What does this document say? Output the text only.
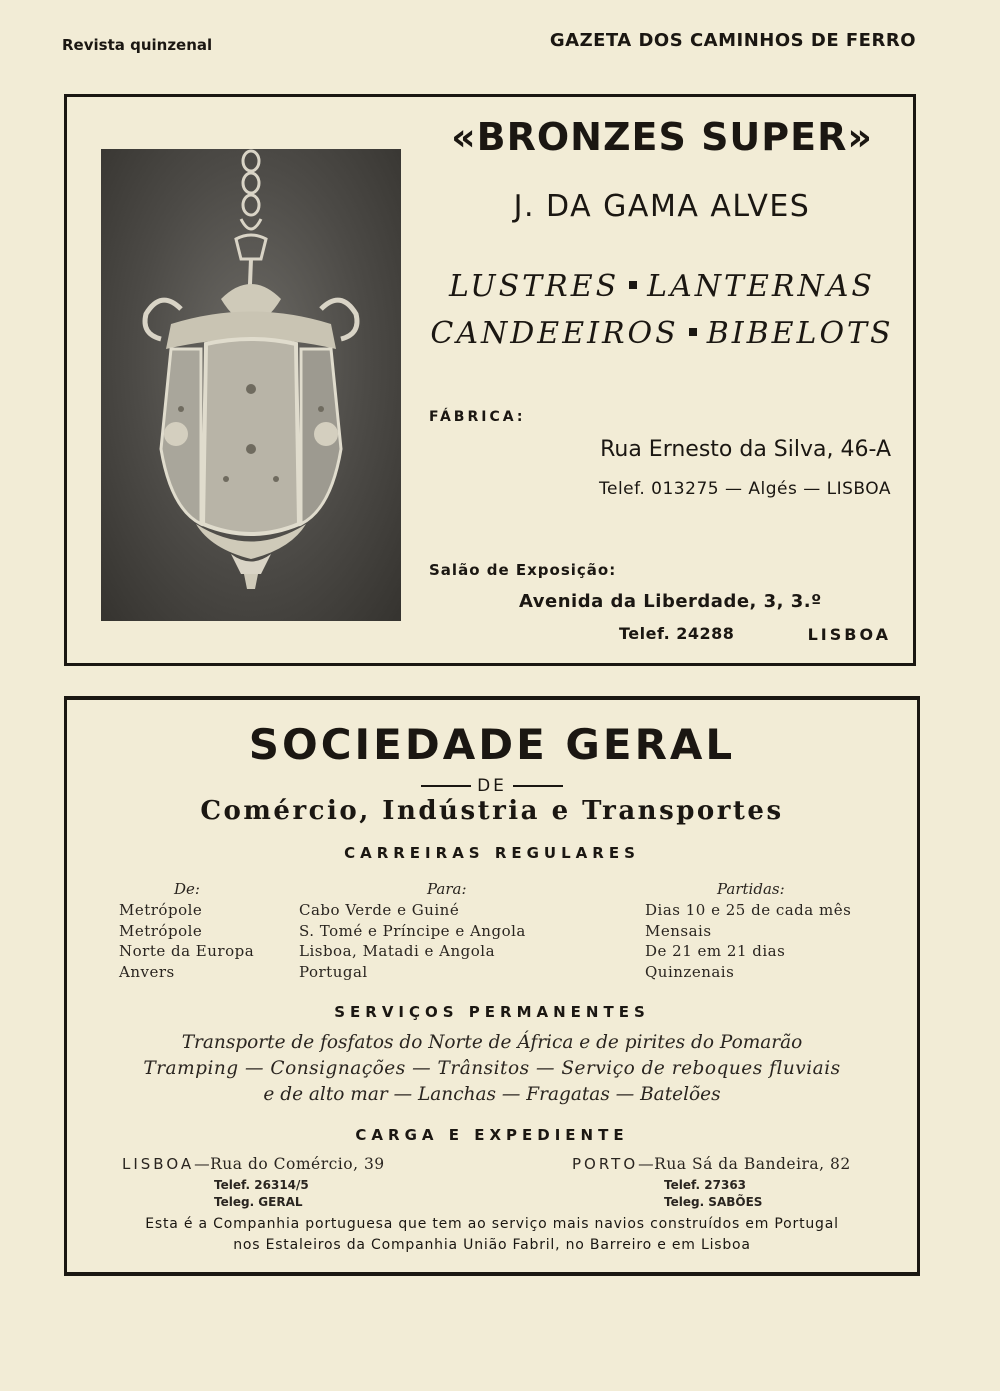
Revista quinzenal	GAZETA DOS CAMINHOS DE FERRO
«BRONZES SUPER»
J. DA GAMA ALVES
LUSTRES LANTERNAS
CANDEEIROS BIBELOTS
FÁBRICA:
Rua Ernesto da Silva, 46-A
Telef. 013275 — Algés — LISBOA
Salão de Exposição:
Avenida da Liberdade, 3, 3.º
Telef. 24288	LISBOA
SOCIEDADE GERAL
DE
Comércio, Indústria e Transportes
CARREIRAS REGULARES
De:
Metrópole
Metrópole
Norte da Europa
Anvers
Para:
Cabo Verde e Guiné
S. Tomé e Príncipe e Angola
Lisboa, Matadi e Angola
Portugal
Partidas:
Dias 10 e 25 de cada mês
Mensais
De 21 em 21 dias
Quinzenais
SERVIÇOS PERMANENTES
Transporte de fosfatos do Norte de África e de pirites do Pomarão
Tramping — Consignações — Trânsitos — Serviço de reboques fluviais
e de alto mar — Lanchas — Fragatas — Batelões
CARGA E EXPEDIENTE
LISBOA—Rua do Comércio, 39
Telef. 26314/5
Teleg. GERAL
PORTO—Rua Sá da Bandeira, 82
Telef. 27363
Teleg. SABÕES
Esta é a Companhia portuguesa que tem ao serviço mais navios construídos em Portugal
nos Estaleiros da Companhia União Fabril, no Barreiro e em Lisboa
